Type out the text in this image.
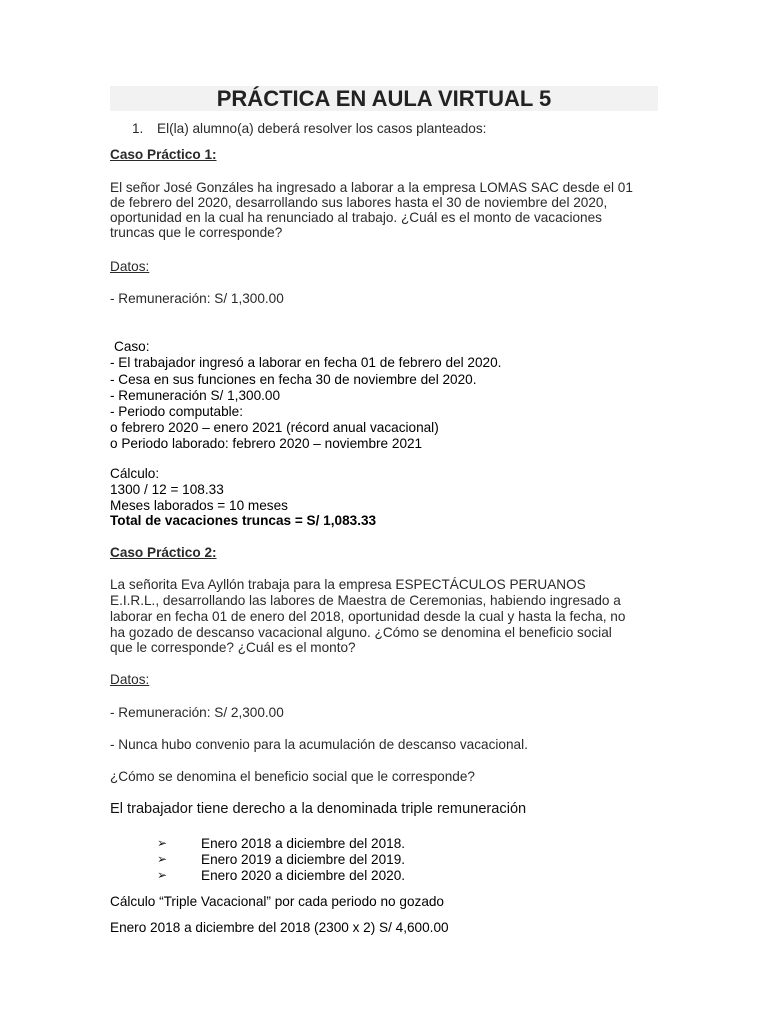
PRÁCTICA EN AULA VIRTUAL 5
1. El(la) alumno(a) deberá resolver los casos planteados:
Caso Práctico 1:
El señor José Gonzáles ha ingresado a laborar a la empresa LOMAS SAC desde el 01
de febrero del 2020, desarrollando sus labores hasta el 30 de noviembre del 2020,
oportunidad en la cual ha renunciado al trabajo. ¿Cuál es el monto de vacaciones
truncas que le corresponde?
Datos:
- Remuneración: S/ 1,300.00
Caso:
- El trabajador ingresó a laborar en fecha 01 de febrero del 2020.
- Cesa en sus funciones en fecha 30 de noviembre del 2020.
- Remuneración S/ 1,300.00
- Periodo computable:
o febrero 2020 – enero 2021 (récord anual vacacional)
o Periodo laborado: febrero 2020 – noviembre 2021
Cálculo:
1300 / 12 = 108.33
Meses laborados = 10 meses
Total de vacaciones truncas = S/ 1,083.33
Caso Práctico 2:
La señorita Eva Ayllón trabaja para la empresa ESPECTÁCULOS PERUANOS
E.I.R.L., desarrollando las labores de Maestra de Ceremonias, habiendo ingresado a
laborar en fecha 01 de enero del 2018, oportunidad desde la cual y hasta la fecha, no
ha gozado de descanso vacacional alguno. ¿Cómo se denomina el beneficio social
que le corresponde? ¿Cuál es el monto?
Datos:
- Remuneración: S/ 2,300.00
- Nunca hubo convenio para la acumulación de descanso vacacional.
¿Cómo se denomina el beneficio social que le corresponde?
El trabajador tiene derecho a la denominada triple remuneración
➢ Enero 2018 a diciembre del 2018.
➢ Enero 2019 a diciembre del 2019.
➢ Enero 2020 a diciembre del 2020.
Cálculo “Triple Vacacional” por cada periodo no gozado
Enero 2018 a diciembre del 2018 (2300 x 2) S/ 4,600.00
